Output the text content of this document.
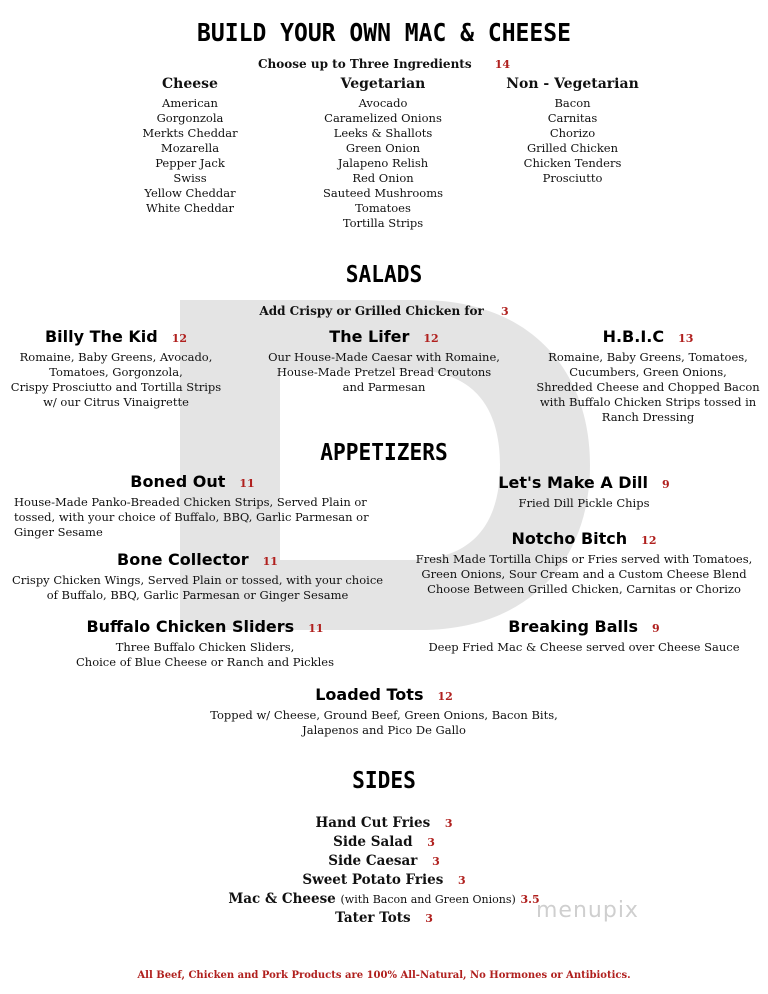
BUILD YOUR OWN MAC & CHEESE
Choose up to Three Ingredients 14
Cheese
American
Gorgonzola
Merkts Cheddar
Mozarella
Pepper Jack
Swiss
Yellow Cheddar
White Cheddar
Vegetarian
Avocado
Caramelized Onions
Leeks & Shallots
Green Onion
Jalapeno Relish
Red Onion
Sauteed Mushrooms
Tomatoes
Tortilla Strips
Non - Vegetarian
Bacon
Carnitas
Chorizo
Grilled Chicken
Chicken Tenders
Prosciutto
SALADS
Add Crispy or Grilled Chicken for 3
Billy The Kid 12
Romaine, Baby Greens, Avocado,
Tomatoes, Gorgonzola,
Crispy Prosciutto and Tortilla Strips
w/ our Citrus Vinaigrette
The Lifer 12
Our House-Made Caesar with Romaine,
House-Made Pretzel Bread Croutons
and Parmesan
H.B.I.C 13
Romaine, Baby Greens, Tomatoes,
Cucumbers, Green Onions,
Shredded Cheese and Chopped Bacon
with Buffalo Chicken Strips tossed in
Ranch Dressing
APPETIZERS
Boned Out 11
House-Made Panko-Breaded Chicken Strips, Served Plain or
tossed, with your choice of Buffalo, BBQ, Garlic Parmesan or
Ginger Sesame
Bone Collector 11
Crispy Chicken Wings, Served Plain or tossed, with your choice
of Buffalo, BBQ, Garlic Parmesan or Ginger Sesame
Buffalo Chicken Sliders 11
Three Buffalo Chicken Sliders,
Choice of Blue Cheese or Ranch and Pickles
Let's Make A Dill 9
Fried Dill Pickle Chips
Notcho Bitch 12
Fresh Made Tortilla Chips or Fries served with Tomatoes,
Green Onions, Sour Cream and a Custom Cheese Blend
Choose Between Grilled Chicken, Carnitas or Chorizo
Breaking Balls 9
Deep Fried Mac & Cheese served over Cheese Sauce
Loaded Tots 12
Topped w/ Cheese, Ground Beef, Green Onions, Bacon Bits,
Jalapenos and Pico De Gallo
SIDES
Hand Cut Fries 3
Side Salad 3
Side Caesar 3
Sweet Potato Fries 3
Mac & Cheese (with Bacon and Green Onions) 3.5
Tater Tots 3	menupix
All Beef, Chicken and Pork Products are 100% All-Natural, No Hormones or Antibiotics.
